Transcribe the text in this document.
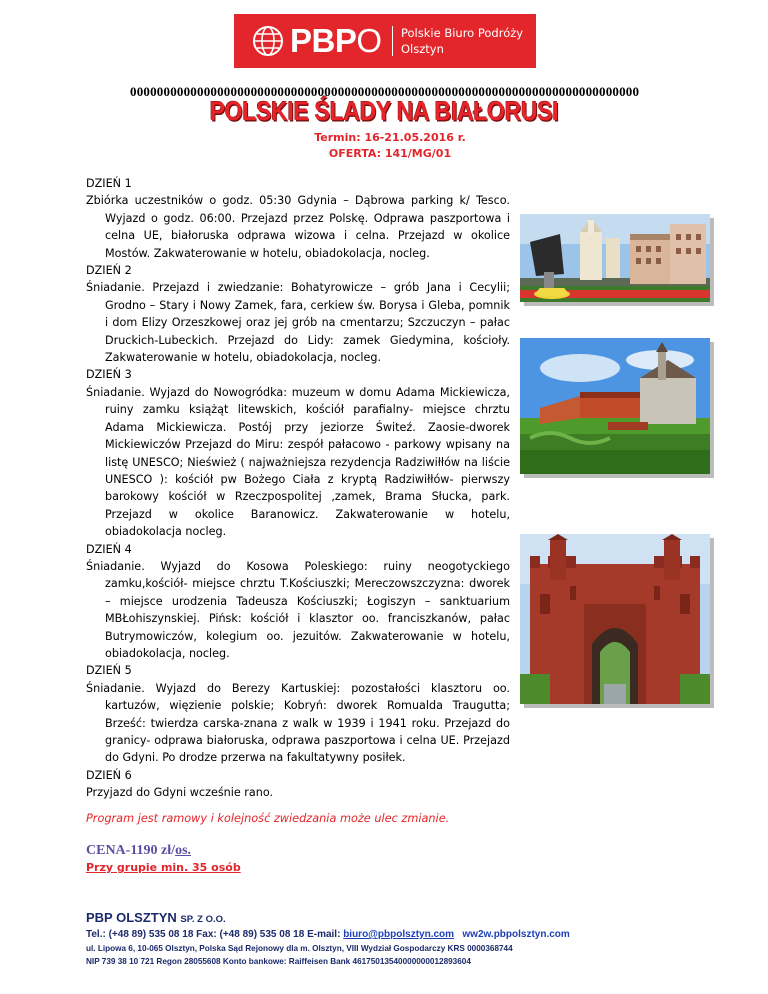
PBPO Polskie Biuro Podróży
Olsztyn
0000000000000000000000000000000000000000000000000000000000000000000000000000
POLSKIE ŚLADY NA BIAŁORUSI
Termin: 16-21.05.2016 r.
OFERTA: 141/MG/01

DZIEŃ 1

Zbiórka uczestników o godz. 05:30 Gdynia – Dąbrowa parking k/ Tesco. Wyjazd o godz. 06:00. Przejazd przez Polskę. Odprawa paszportowa i celna UE, białoruska odprawa wizowa i celna. Przejazd w okolice Mostów. Zakwaterowanie w hotelu, obiadokolacja, nocleg.

DZIEŃ 2

Śniadanie. Przejazd i zwiedzanie: Bohatyrowicze – grób Jana i Cecylii; Grodno – Stary i Nowy Zamek, fara, cerkiew św. Borysa i Gleba, pomnik i dom Elizy Orzeszkowej oraz jej grób na cmentarzu; Szczuczyn – pałac Druckich-Lubeckich. Przejazd do Lidy: zamek Giedymina, kościoły. Zakwaterowanie w hotelu, obiadokolacja, nocleg.

DZIEŃ 3

Śniadanie. Wyjazd do Nowogródka: muzeum w domu Adama Mickiewicza, ruiny zamku książąt litewskich, kościół parafialny- miejsce chrztu Adama Mickiewicza. Postój przy jeziorze Świteź. Zaosie-dworek Mickiewiczów Przejazd do Miru: zespół pałacowo - parkowy wpisany na listę UNESCO; Nieśwież ( najważniejsza rezydencja Radziwiłłów na liście UNESCO ): kościół pw Bożego Ciała z kryptą Radziwiłłów- pierwszy barokowy kościół w Rzeczpospolitej ,zamek, Brama Słucka, park. Przejazd w okolice Baranowicz. Zakwaterowanie w hotelu, obiadokolacja nocleg.

DZIEŃ 4

Śniadanie. Wyjazd do Kosowa Poleskiego: ruiny neogotyckiego zamku,kościół- miejsce chrztu T.Kościuszki; Mereczowszczyzna: dworek – miejsce urodzenia Tadeusza Kościuszki; Łogiszyn – sanktuarium MBŁohiszynskiej. Pińsk: kościół i klasztor oo. franciszkanów, pałac Butrymowiczów, kolegium oo. jezuitów. Zakwaterowanie w hotelu, obiadokolacja, nocleg.

DZIEŃ 5

Śniadanie. Wyjazd do Berezy Kartuskiej: pozostałości klasztoru oo. kartuzów, więzienie polskie; Kobryń: dworek Romualda Traugutta; Brześć: twierdza carska-znana z walk w 1939 i 1941 roku. Przejazd do granicy- odprawa białoruska, odprawa paszportowa i celna UE. Przejazd do Gdyni. Po drodze przerwa na fakultatywny posiłek.

DZIEŃ 6

Przyjazd do Gdyni wcześnie rano.

Program jest ramowy i kolejność zwiedzania może ulec zmianie.
CENA-1190 zł/os.
Przy grupie min. 35 osób
PBP OLSZTYN SP. Z O.O.
Tel.: (+48 89) 535 08 18 Fax: (+48 89) 535 08 18 E-mail: biuro@pbpolsztyn.com ww2w.pbpolsztyn.com
ul. Lipowa 6, 10-065 Olsztyn, Polska Sąd Rejonowy dla m. Olsztyn, VIII Wydział Gospodarczy KRS 0000368744
NIP 739 38 10 721 Regon 28055608 Konto bankowe: Raiffeisen Bank 46175013540000000012893604
